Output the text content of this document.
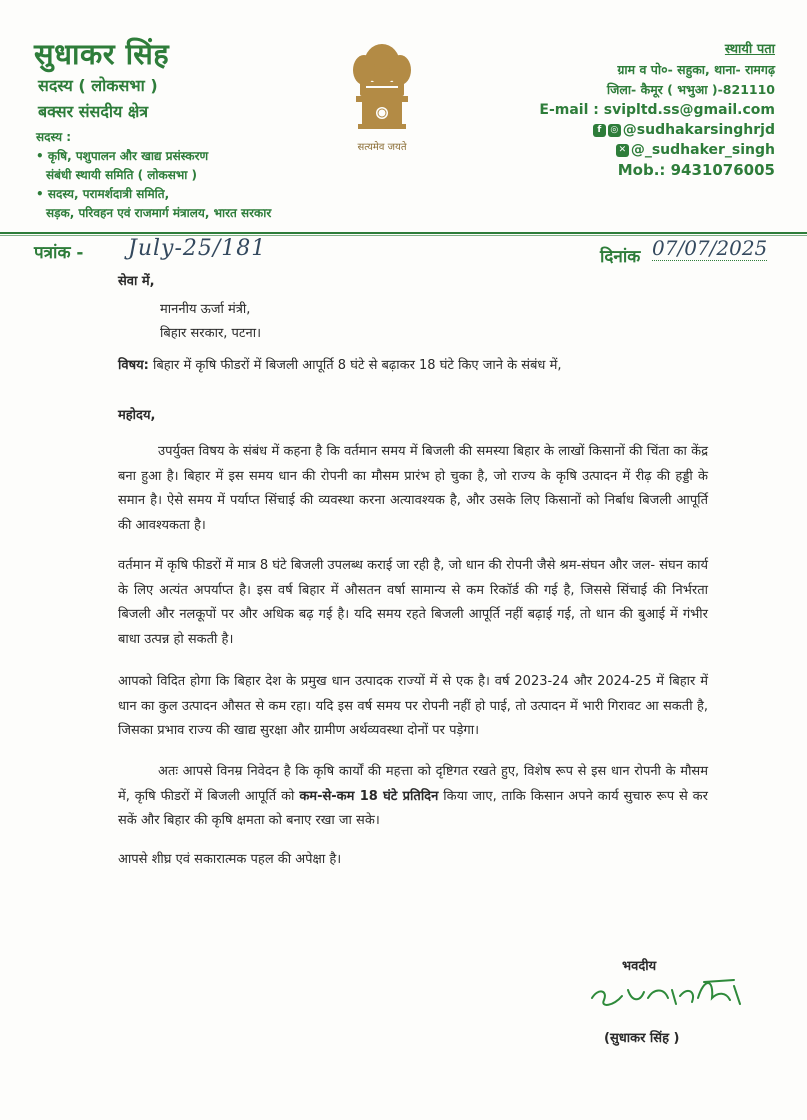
सुधाकर सिंह
सदस्य ( लोकसभा )
बक्सर संसदीय क्षेत्र
सदस्य :
• कृषि, पशुपालन और खाद्य प्रसंस्करण
संबंधी स्थायी समिति ( लोकसभा )
• सदस्य, परामर्शदात्री समिति,
सड़क, परिवहन एवं राजमार्ग मंत्रालय, भारत सरकार
सत्यमेव जयते
स्थायी पता
ग्राम व पो०- सहुका, थाना- रामगढ़
जिला- कैमूर ( भभुआ )-821110
E-mail : svipltd.ss@gmail.com
f ◎ @sudhakarsinghrjd
✕ @_sudhaker_singh
Mob.: 9431076005
पत्रांक - July-25/181	दिनांक 07/07/2025
सेवा में,
माननीय ऊर्जा मंत्री,
बिहार सरकार, पटना।
विषय: बिहार में कृषि फीडरों में बिजली आपूर्ति 8 घंटे से बढ़ाकर 18 घंटे किए जाने के संबंध में,
महोदय,
उपर्युक्त विषय के संबंध में कहना है कि वर्तमान समय में बिजली की समस्या बिहार के लाखों किसानों की चिंता का केंद्र बना हुआ है। बिहार में इस समय धान की रोपनी का मौसम प्रारंभ हो चुका है, जो राज्य के कृषि उत्पादन में रीढ़ की हड्डी के समान है। ऐसे समय में पर्याप्त सिंचाई की व्यवस्था करना अत्यावश्यक है, और उसके लिए किसानों को निर्बाध बिजली आपूर्ति की आवश्यकता है।
वर्तमान में कृषि फीडरों में मात्र 8 घंटे बिजली उपलब्ध कराई जा रही है, जो धान की रोपनी जैसे श्रम-संघन और जल- संघन कार्य के लिए अत्यंत अपर्याप्त है। इस वर्ष बिहार में औसतन वर्षा सामान्य से कम रिकॉर्ड की गई है, जिससे सिंचाई की निर्भरता बिजली और नलकूपों पर और अधिक बढ़ गई है। यदि समय रहते बिजली आपूर्ति नहीं बढ़ाई गई, तो धान की बुआई में गंभीर बाधा उत्पन्न हो सकती है।
आपको विदित होगा कि बिहार देश के प्रमुख धान उत्पादक राज्यों में से एक है। वर्ष 2023-24 और 2024-25 में बिहार में धान का कुल उत्पादन औसत से कम रहा। यदि इस वर्ष समय पर रोपनी नहीं हो पाई, तो उत्पादन में भारी गिरावट आ सकती है, जिसका प्रभाव राज्य की खाद्य सुरक्षा और ग्रामीण अर्थव्यवस्था दोनों पर पड़ेगा।
अतः आपसे विनम्र निवेदन है कि कृषि कार्यों की महत्ता को दृष्टिगत रखते हुए, विशेष रूप से इस धान रोपनी के मौसम में, कृषि फीडरों में बिजली आपूर्ति को कम-से-कम 18 घंटे प्रतिदिन किया जाए, ताकि किसान अपने कार्य सुचारु रूप से कर सकें और बिहार की कृषि क्षमता को बनाए रखा जा सके।
आपसे शीघ्र एवं सकारात्मक पहल की अपेक्षा है।
भवदीय
(सुधाकर सिंह )
